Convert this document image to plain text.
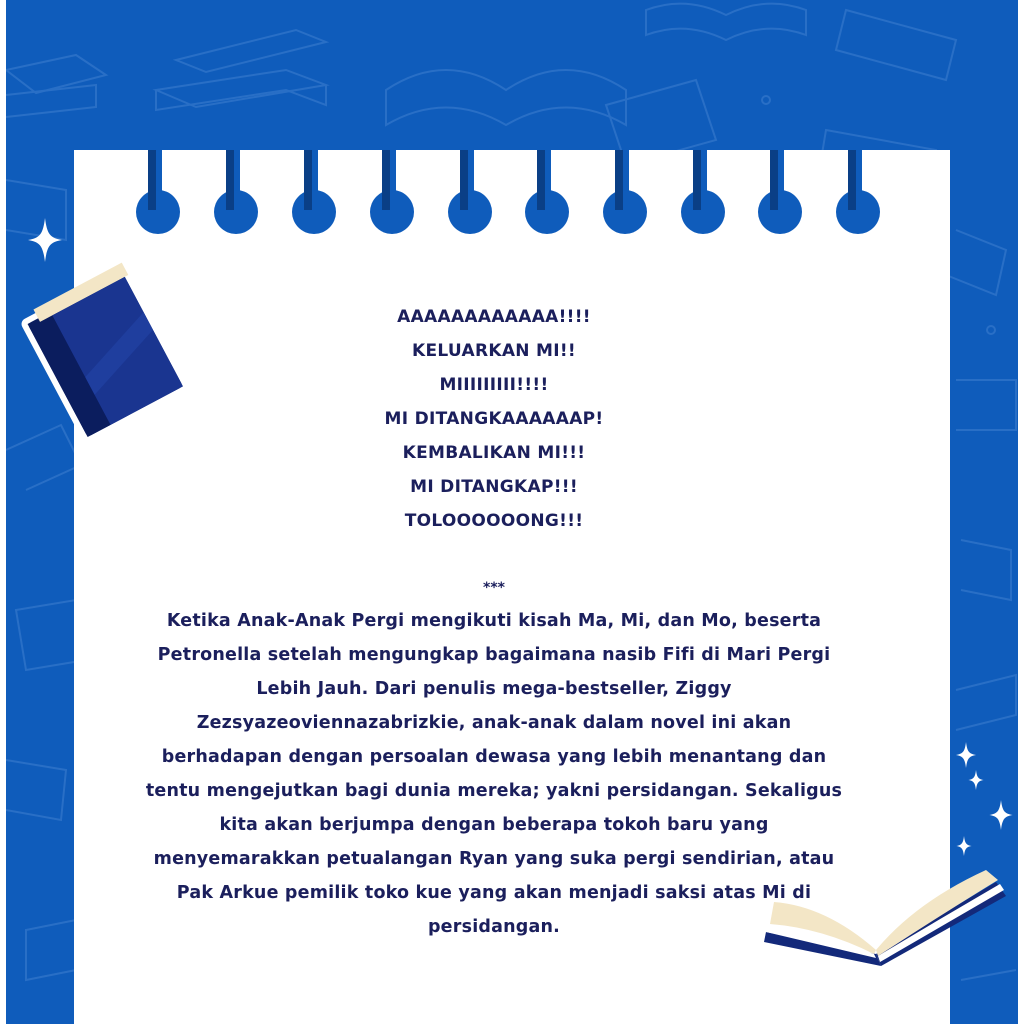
AAAAAAAAAAAA!!!!
KELUARKAN MI!!
MIIIIIIIII!!!!
MI DITANGKAAAAAAP!
KEMBALIKAN MI!!!
MI DITANGKAP!!!
TOLOOOOOONG!!!
***

Ketika Anak-Anak Pergi mengikuti kisah Ma, Mi, dan Mo, beserta Petronella setelah mengungkap bagaimana nasib Fifi di Mari Pergi Lebih Jauh. Dari penulis mega-bestseller, Ziggy Zezsyazeoviennazabrizkie, anak-anak dalam novel ini akan berhadapan dengan persoalan dewasa yang lebih menantang dan tentu mengejutkan bagi dunia mereka; yakni persidangan. Sekaligus kita akan berjumpa dengan beberapa tokoh baru yang menyemarakkan petualangan Ryan yang suka pergi sendirian, atau Pak Arkue pemilik toko kue yang akan menjadi saksi atas Mi di persidangan.
